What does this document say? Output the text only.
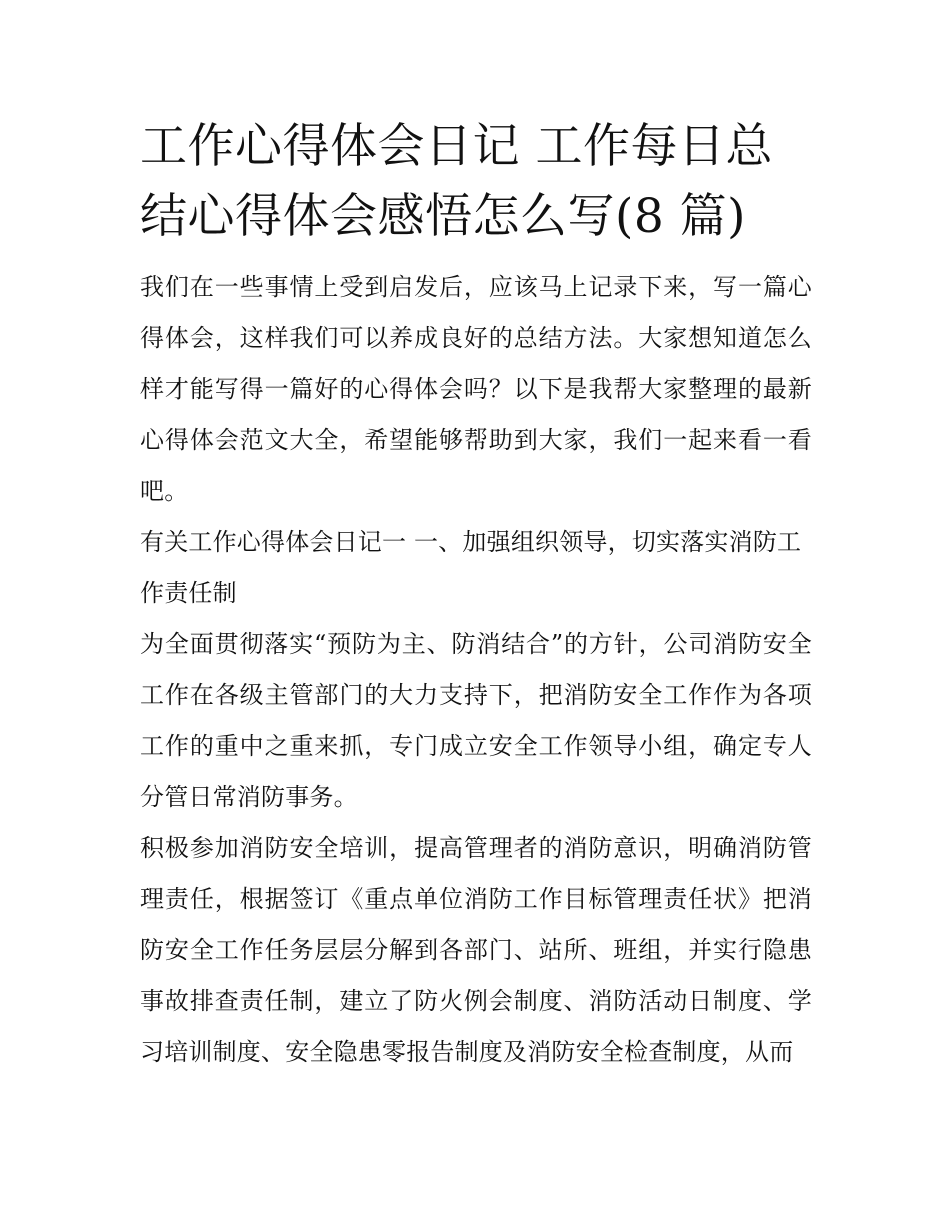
工作心得体会日记 工作每日总结心得体会感悟怎么写(8 篇)

我们在一些事情上受到启发后，应该马上记录下来，写一篇心得体会，这样我们可以养成良好的总结方法。大家想知道怎么样才能写得一篇好的心得体会吗？以下是我帮大家整理的最新心得体会范文大全，希望能够帮助到大家，我们一起来看一看吧。

有关工作心得体会日记一 一、加强组织领导，切实落实消防工作责任制

为全面贯彻落实“预防为主、防消结合”的方针，公司消防安全工作在各级主管部门的大力支持下，把消防安全工作作为各项工作的重中之重来抓，专门成立安全工作领导小组，确定专人分管日常消防事务。

积极参加消防安全培训，提高管理者的消防意识，明确消防管理责任，根据签订《重点单位消防工作目标管理责任状》把消防安全工作任务层层分解到各部门、站所、班组，并实行隐患事故排查责任制，建立了防火例会制度、消防活动日制度、学习培训制度、安全隐患零报告制度及消防安全检查制度，从而
